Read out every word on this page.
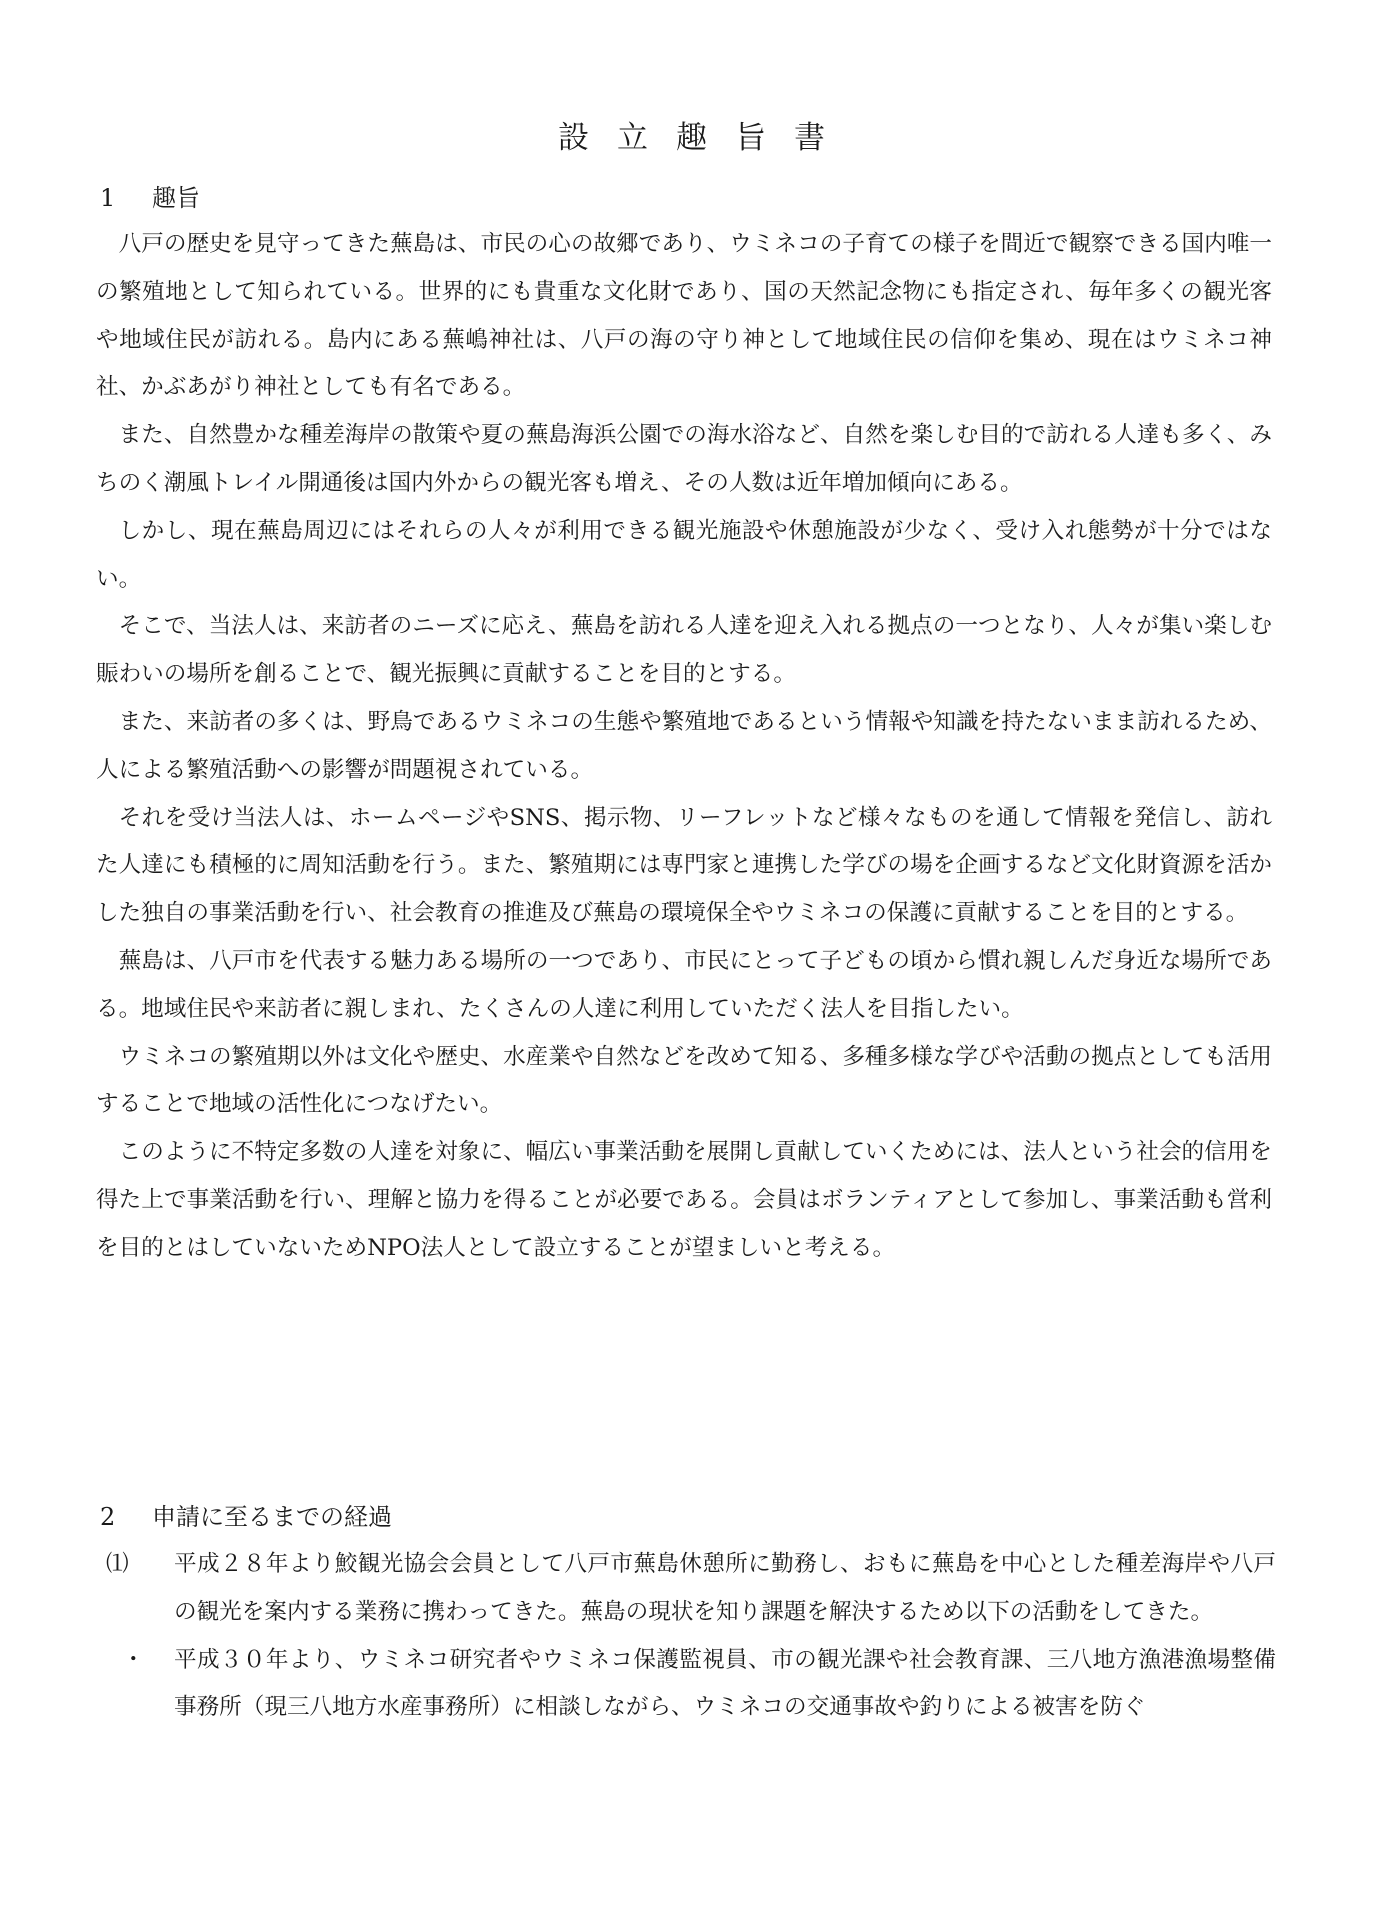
設立趣旨書
1 趣旨

八戸の歴史を見守ってきた蕪島は、市民の心の故郷であり、ウミネコの子育ての様子を間近で観察できる国内唯一の繁殖地として知られている。世界的にも貴重な文化財であり、国の天然記念物にも指定され、毎年多くの観光客や地域住民が訪れる。島内にある蕪嶋神社は、八戸の海の守り神として地域住民の信仰を集め、現在はウミネコ神社、かぶあがり神社としても有名である。

また、自然豊かな種差海岸の散策や夏の蕪島海浜公園での海水浴など、自然を楽しむ目的で訪れる人達も多く、みちのく潮風トレイル開通後は国内外からの観光客も増え、その人数は近年増加傾向にある。

しかし、現在蕪島周辺にはそれらの人々が利用できる観光施設や休憩施設が少なく、受け入れ態勢が十分ではない。

そこで、当法人は、来訪者のニーズに応え、蕪島を訪れる人達を迎え入れる拠点の一つとなり、人々が集い楽しむ賑わいの場所を創ることで、観光振興に貢献することを目的とする。

また、来訪者の多くは、野鳥であるウミネコの生態や繁殖地であるという情報や知識を持たないまま訪れるため、人による繁殖活動への影響が問題視されている。

それを受け当法人は、ホームページやSNS、掲示物、リーフレットなど様々なものを通して情報を発信し、訪れた人達にも積極的に周知活動を行う。また、繁殖期には専門家と連携した学びの場を企画するなど文化財資源を活かした独自の事業活動を行い、社会教育の推進及び蕪島の環境保全やウミネコの保護に貢献することを目的とする。

蕪島は、八戸市を代表する魅力ある場所の一つであり、市民にとって子どもの頃から慣れ親しんだ身近な場所である。地域住民や来訪者に親しまれ、たくさんの人達に利用していただく法人を目指したい。

ウミネコの繁殖期以外は文化や歴史、水産業や自然などを改めて知る、多種多様な学びや活動の拠点としても活用することで地域の活性化につなげたい。

このように不特定多数の人達を対象に、幅広い事業活動を展開し貢献していくためには、法人という社会的信用を得た上で事業活動を行い、理解と協力を得ることが必要である。会員はボランティアとして参加し、事業活動も営利を目的とはしていないためNPO法人として設立することが望ましいと考える。

2 申請に至るまでの経過
⑴ 平成２８年より鮫観光協会会員として八戸市蕪島休憩所に勤務し、おもに蕪島を中心とした種差海岸や八戸の観光を案内する業務に携わってきた。蕪島の現状を知り課題を解決するため以下の活動をしてきた。
・ 平成３０年より、ウミネコ研究者やウミネコ保護監視員、市の観光課や社会教育課、三八地方漁港漁場整備事務所（現三八地方水産事務所）に相談しながら、ウミネコの交通事故や釣りによる被害を防ぐ
